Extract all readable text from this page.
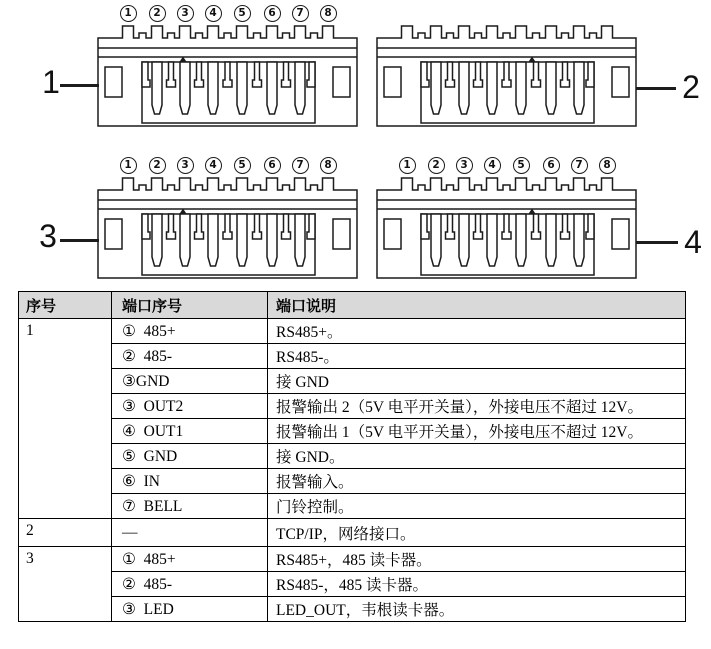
1	2	3	4	5	6	7	8
1	2	3	4	5	6	7	8	1	2	3	4	5	6	7	8
1	2
3	4
序号	端口序号	端口说明
1	①  485+	RS485+。
	②  485-	RS485-。
	③GND	接 GND
	③  OUT2	报警输出 2（5V 电平开关量），外接电压不超过 12V。
	④  OUT1	报警输出 1（5V 电平开关量），外接电压不超过 12V。
	⑤  GND	接 GND。
	⑥  IN	报警输入。
	⑦  BELL	门铃控制。
2	—	TCP/IP，网络接口。
3	①  485+	RS485+，485 读卡器。
	②  485-	RS485-，485 读卡器。
	③  LED	LED_OUT，韦根读卡器。
